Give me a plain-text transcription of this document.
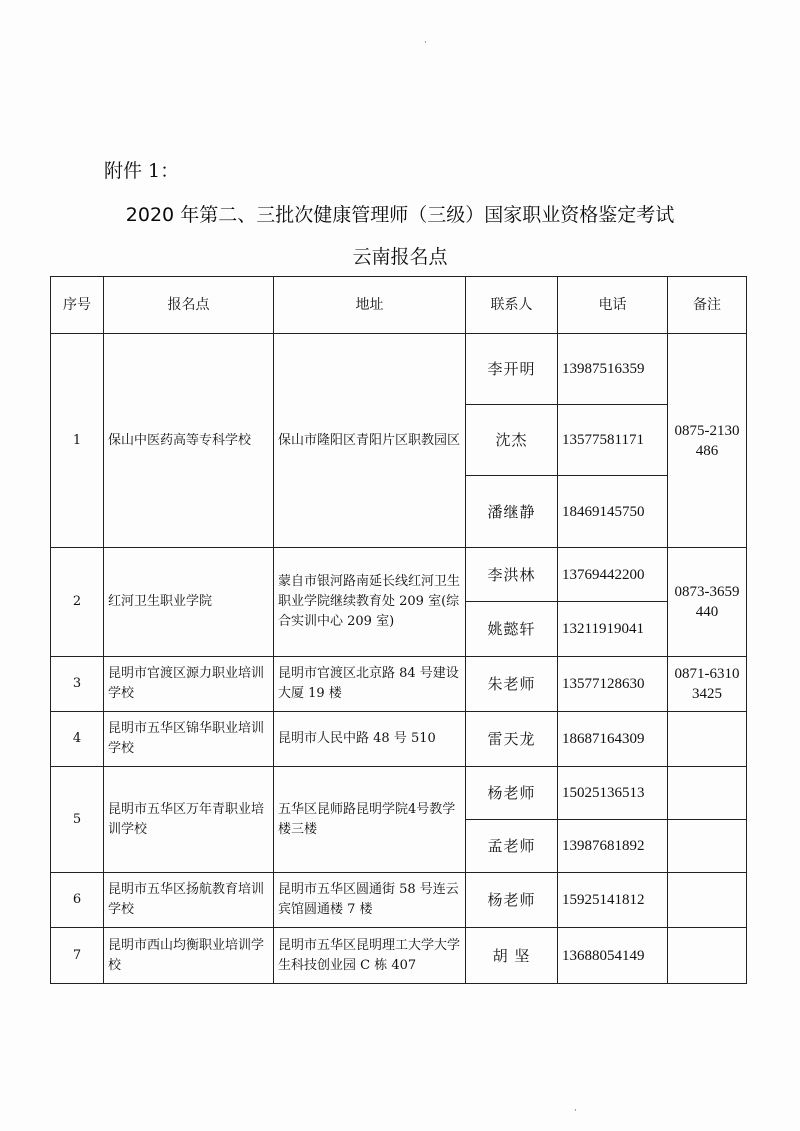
·
附件 1：
2020 年第二、三批次健康管理师（三级）国家职业资格鉴定考试
云南报名点
序号	报名点	地址	联系人	电话	备注
1	保山中医药高等专科学校	保山市隆阳区青阳片区职教园区	李开明	13987516359	0875-2130486
			沈杰	13577581171	
			潘继静	18469145750	
2	红河卫生职业学院	蒙自市银河路南延长线红河卫生职业学院继续教育处 209 室(综合实训中心 209 室)	李洪林	13769442200	0873-3659440
			姚懿轩	13211919041	
3	昆明市官渡区源力职业培训学校	昆明市官渡区北京路 84 号建设大厦 19 楼	朱老师	13577128630	0871-63103425
4	昆明市五华区锦华职业培训学校	昆明市人民中路 48 号 510	雷天龙	18687164309	
5	昆明市五华区万年青职业培训学校	五华区昆师路昆明学院4号教学楼三楼	杨老师	15025136513	
			孟老师	13987681892	
6	昆明市五华区扬航教育培训学校	昆明市五华区圆通街 58 号连云宾馆圆通楼 7 楼	杨老师	15925141812	
7	昆明市西山均衡职业培训学校	昆明市五华区昆明理工大学大学生科技创业园 C 栋 407	胡 坚	13688054149	
·
